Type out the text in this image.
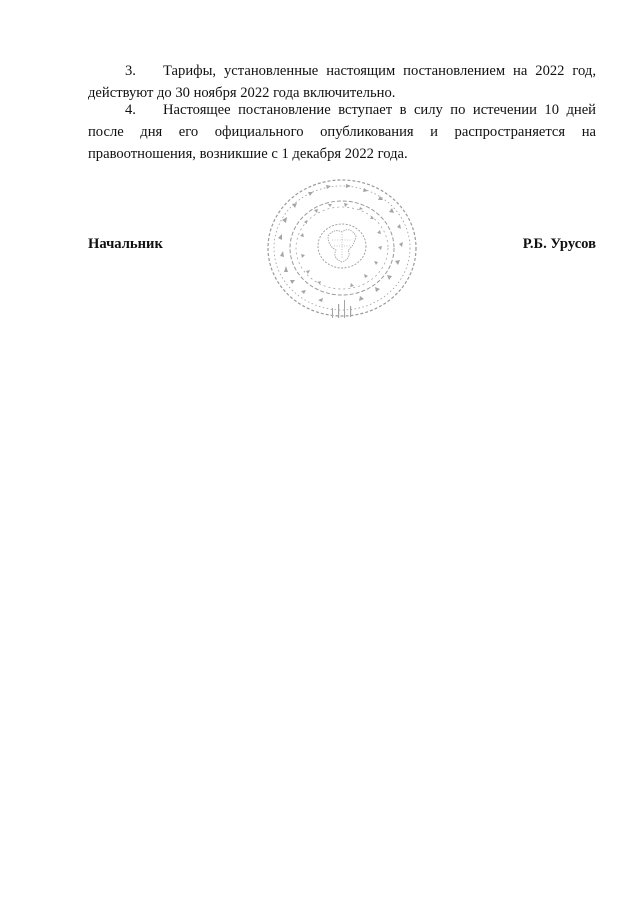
3. Тарифы, установленные настоящим постановлением на 2022 год, действуют до 30 ноября 2022 года включительно.
4. Настоящее постановление вступает в силу по истечении 10 дней после дня его официального опубликования и распространяется на правоотношения, возникшие с 1 декабря 2022 года.
Начальник	Р.Б. Урусов
